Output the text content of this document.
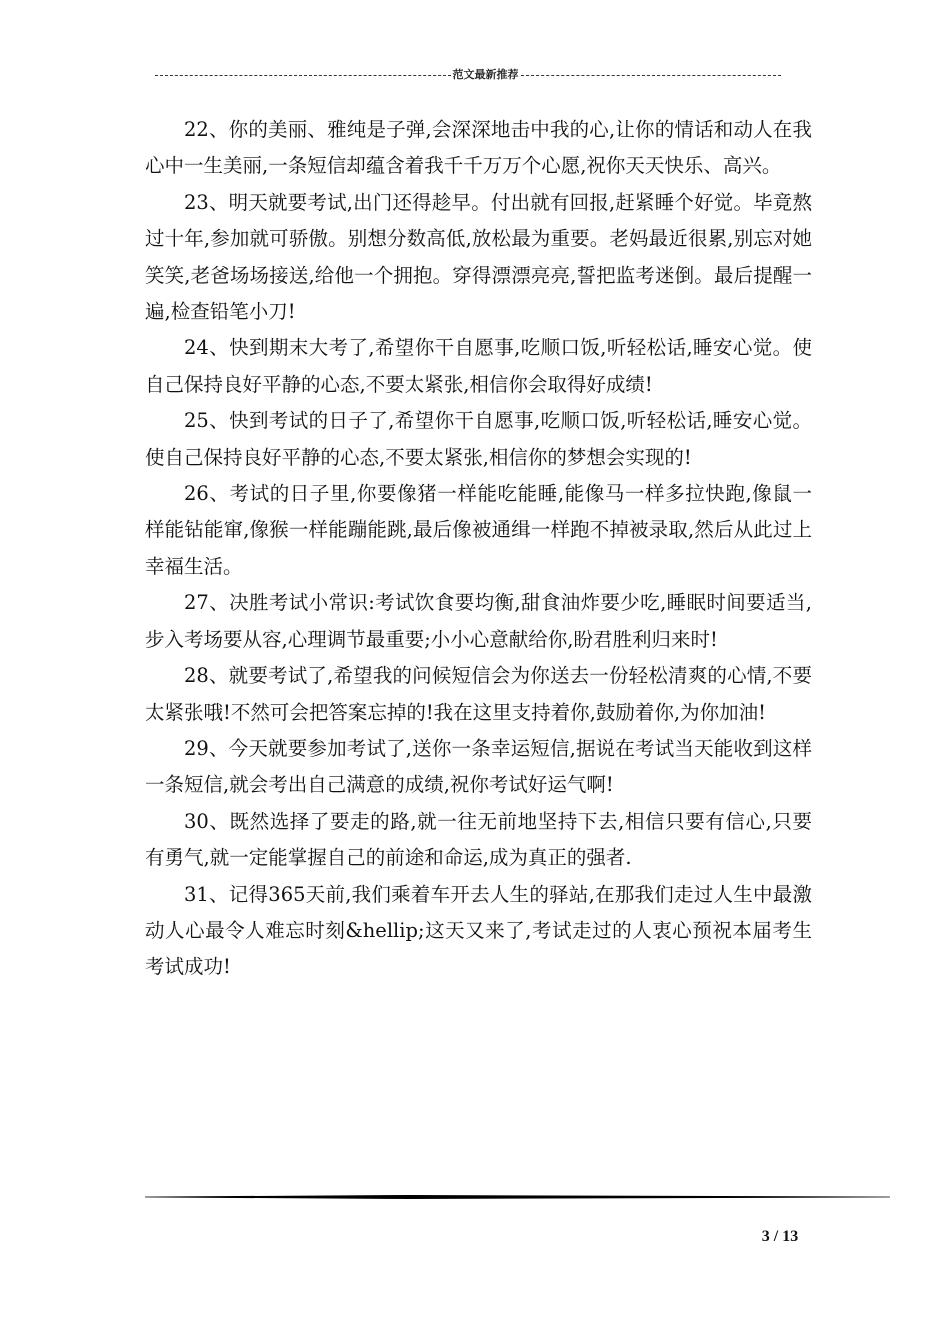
范文最新推荐

22、你的美丽、雅纯是子弹,会深深地击中我的心,让你的情话和动人在我心中一生美丽,一条短信却蕴含着我千千万万个心愿,祝你天天快乐、高兴。

23、明天就要考试,出门还得趁早。付出就有回报,赶紧睡个好觉。毕竟熬过十年,参加就可骄傲。别想分数高低,放松最为重要。老妈最近很累,别忘对她笑笑,老爸场场接送,给他一个拥抱。穿得漂漂亮亮,誓把监考迷倒。最后提醒一遍,检查铅笔小刀!

24、快到期末大考了,希望你干自愿事,吃顺口饭,听轻松话,睡安心觉。使自己保持良好平静的心态,不要太紧张,相信你会取得好成绩!

25、快到考试的日子了,希望你干自愿事,吃顺口饭,听轻松话,睡安心觉。使自己保持良好平静的心态,不要太紧张,相信你的梦想会实现的!

26、考试的日子里,你要像猪一样能吃能睡,能像马一样多拉快跑,像鼠一样能钻能窜,像猴一样能蹦能跳,最后像被通缉一样跑不掉被录取,然后从此过上幸福生活。

27、决胜考试小常识:考试饮食要均衡,甜食油炸要少吃,睡眠时间要适当,步入考场要从容,心理调节最重要;小小心意献给你,盼君胜利归来时!

28、就要考试了,希望我的问候短信会为你送去一份轻松清爽的心情,不要太紧张哦!不然可会把答案忘掉的!我在这里支持着你,鼓励着你,为你加油!

29、今天就要参加考试了,送你一条幸运短信,据说在考试当天能收到这样一条短信,就会考出自己满意的成绩,祝你考试好运气啊!

30、既然选择了要走的路,就一往无前地坚持下去,相信只要有信心,只要有勇气,就一定能掌握自己的前途和命运,成为真正的强者.

31、记得365天前,我们乘着车开去人生的驿站,在那我们走过人生中最激动人心最令人难忘时刻&hellip;这天又来了,考试走过的人衷心预祝本届考生考试成功!

3 / 13
